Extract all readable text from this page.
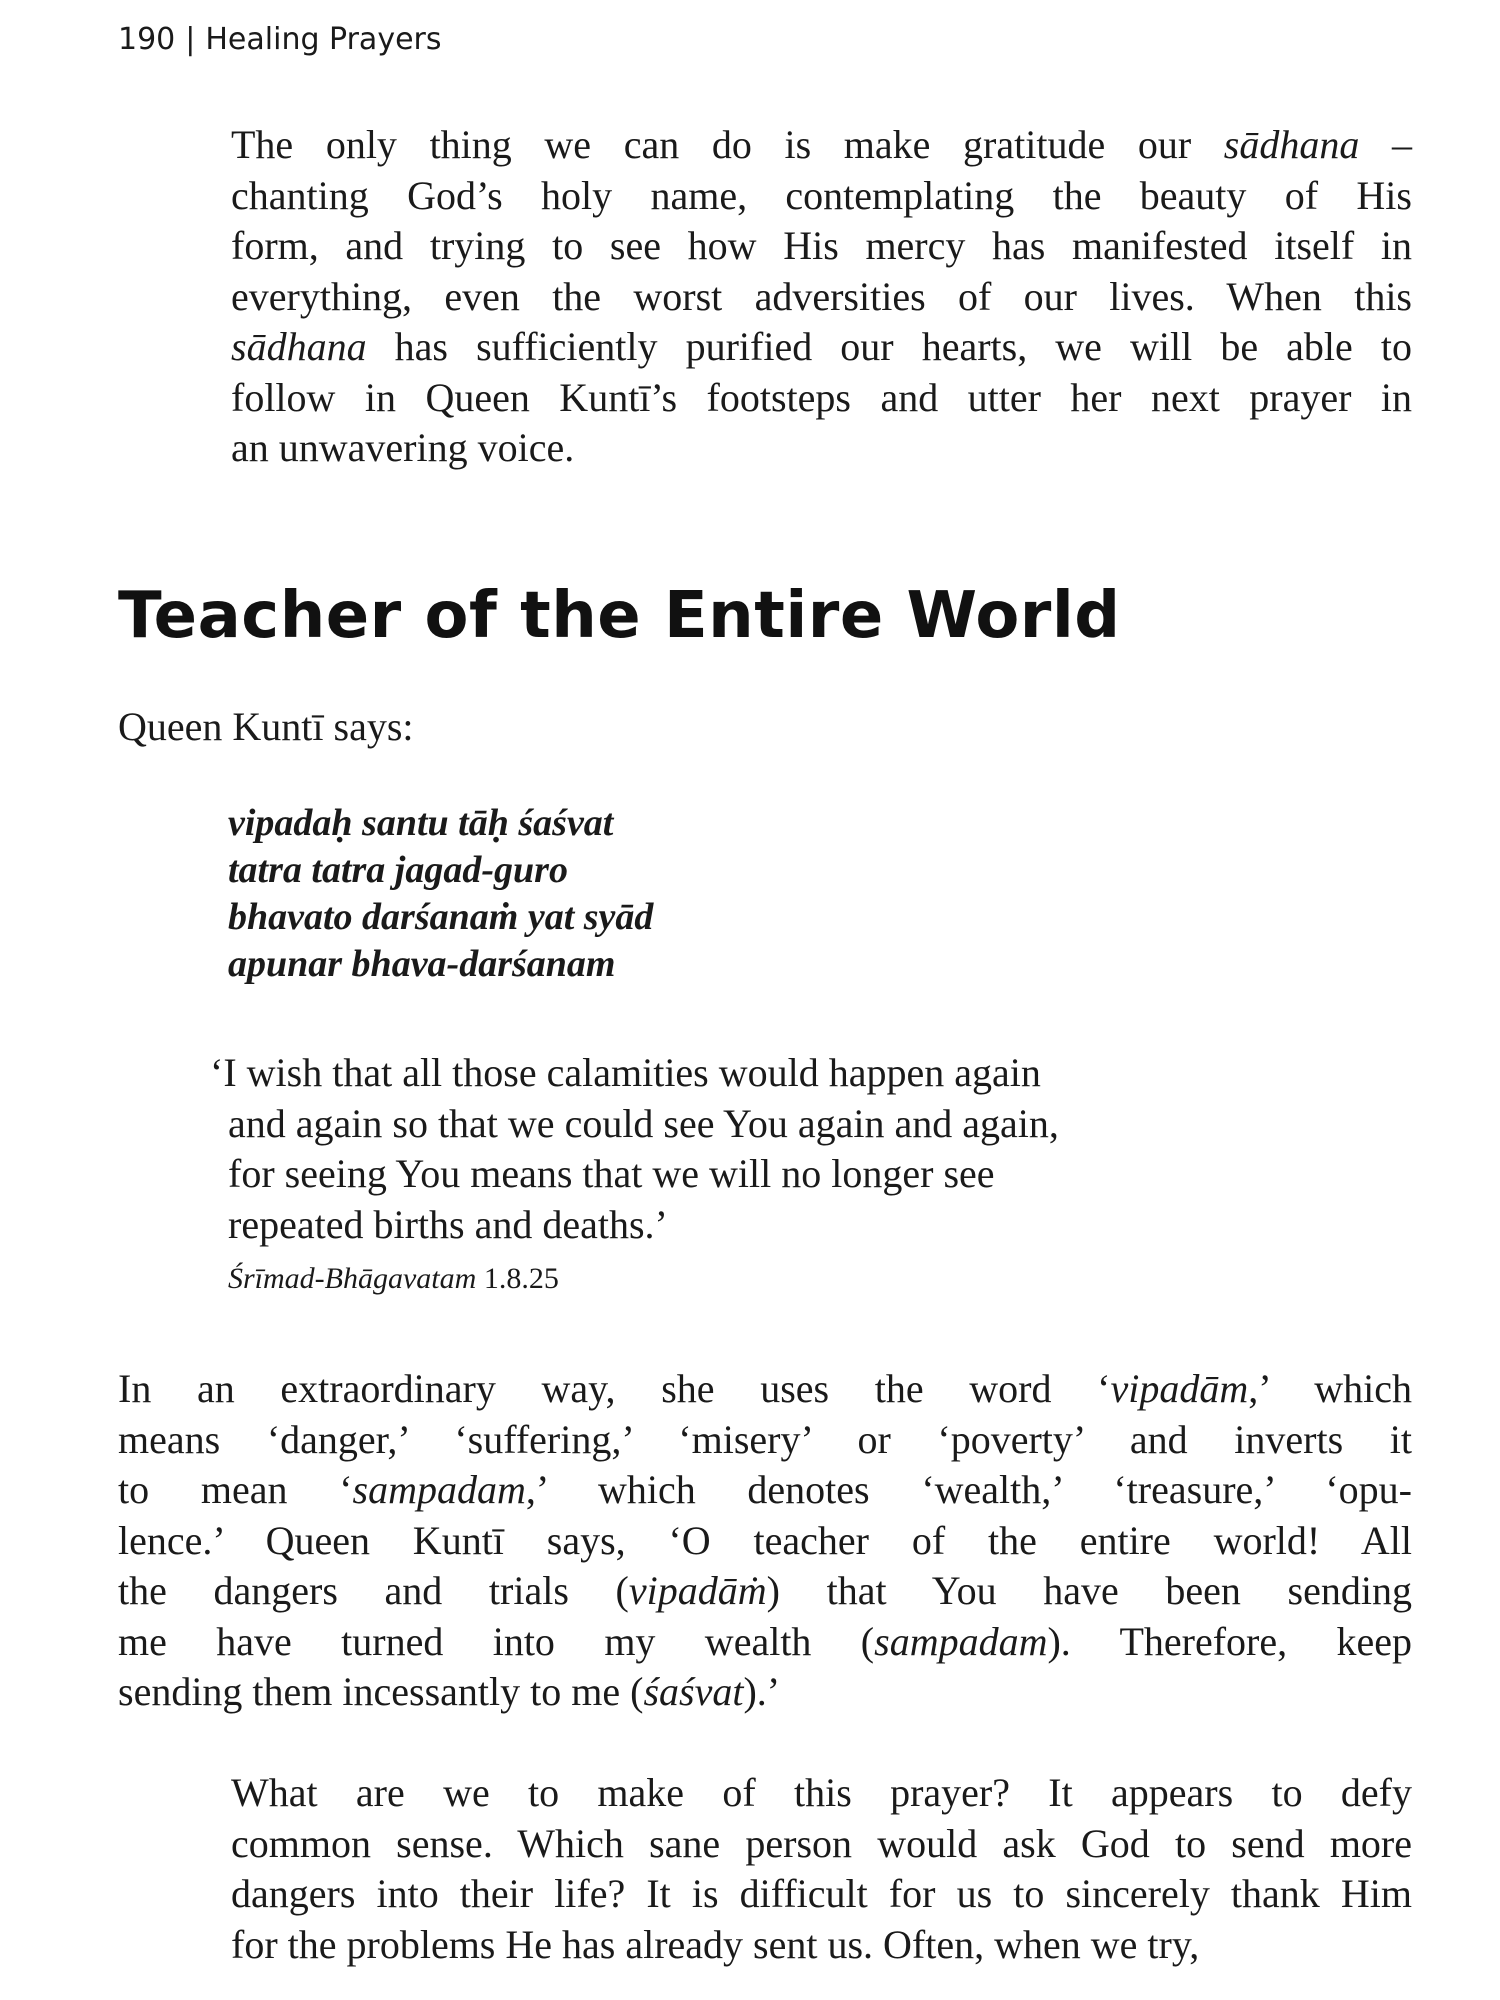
190 | Healing Prayers

The only thing we can do is make gratitude our sādhana –
chanting God’s holy name, contemplating the beauty of His
form, and trying to see how His mercy has manifested itself in
everything, even the worst adversities of our lives. When this
sādhana has sufficiently purified our hearts, we will be able to
follow in Queen Kuntī’s footsteps and utter her next prayer in
an unwavering voice.

Teacher of the Entire World

Queen Kuntī says:

vipadaḥ santu tāḥ śaśvat
tatra tatra jagad-guro
bhavato darśanaṁ yat syād
apunar bhava-darśanam
‘I wish that all those calamities would happen again
and again so that we could see You again and again,
for seeing You means that we will no longer see
repeated births and deaths.’

Śrīmad-Bhāgavatam 1.8.25

In an extraordinary way, she uses the word ‘vipadām,’ which
means ‘danger,’ ‘suffering,’ ‘misery’ or ‘poverty’ and inverts it
to mean ‘sampadam,’ which denotes ‘wealth,’ ‘treasure,’ ‘opu-
lence.’ Queen Kuntī says, ‘O teacher of the entire world! All
the dangers and trials (vipadāṁ) that You have been sending
me have turned into my wealth (sampadam). Therefore, keep
sending them incessantly to me (śaśvat).’

What are we to make of this prayer? It appears to defy
common sense. Which sane person would ask God to send more
dangers into their life? It is difficult for us to sincerely thank Him
for the problems He has already sent us. Often, when we try,
